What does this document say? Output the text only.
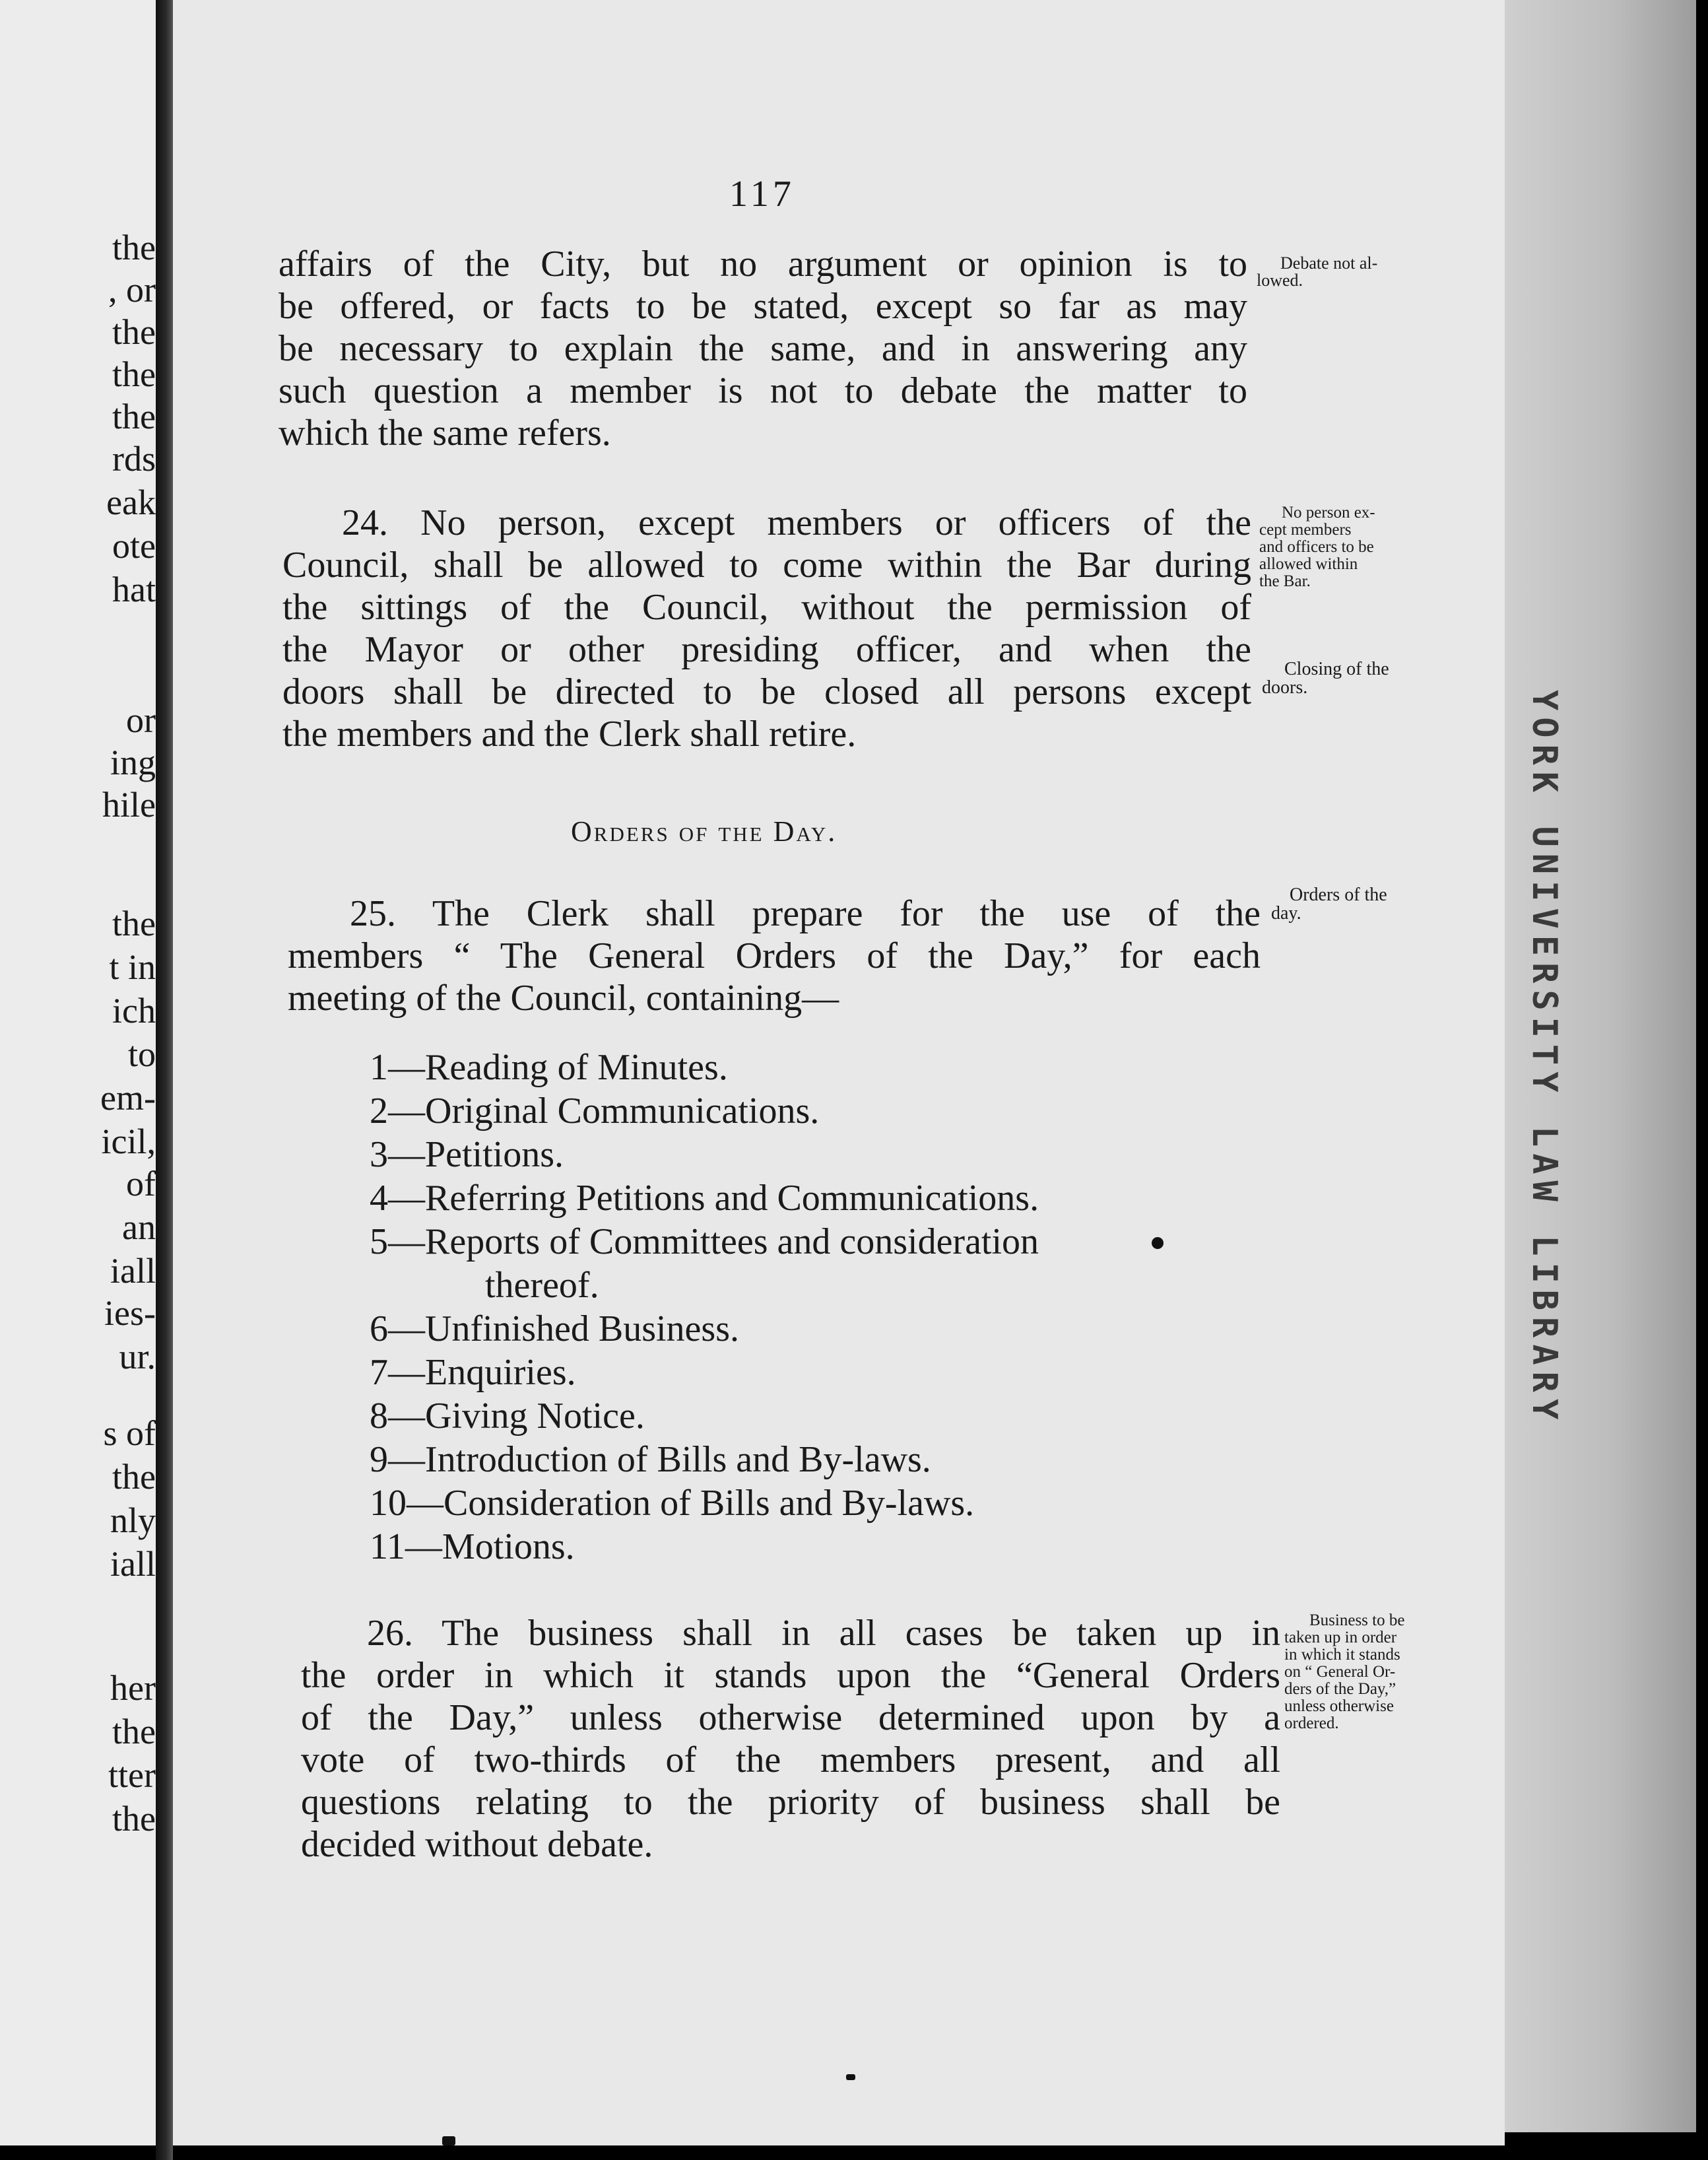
the
, or
the
the
the
rds
eak
ote
hat
or
ing
hile
the
t in
ich
to
em-
icil,
of
an
iall
ies-
ur.
s of
the
nly
iall
her
the
tter
the
117
affairs of the City, but no argument or opinion is to
be offered, or facts to be stated, except so far as may
be necessary to explain the same, and in answering any
such question a member is not to debate the matter to
which the same refers.
24. No person, except members or officers of the
Council, shall be allowed to come within the Bar during
the sittings of the Council, without the permission of
the Mayor or other presiding officer, and when the
doors shall be directed to be closed all persons except
the members and the Clerk shall retire.
Orders of the Day.
25. The Clerk shall prepare for the use of the
members “ The General Orders of the Day,” for each
meeting of the Council, containing—
1—Reading of Minutes.
2—Original Communications.
3—Petitions.
4—Referring Petitions and Communications.
5—Reports of Committees and consideration
thereof.
6—Unfinished Business.
7—Enquiries.
8—Giving Notice.
9—Introduction of Bills and By-laws.
10—Consideration of Bills and By-laws.
11—Motions.
26. The business shall in all cases be taken up in
the order in which it stands upon the “General Orders
of the Day,” unless otherwise determined upon by a
vote of two-thirds of the members present, and all
questions relating to the priority of business shall be
decided without debate.
Debate not al-
lowed.
No person ex-
cept members
and officers to be
allowed within
the Bar.
Closing of the
doors.
Orders of the
day.
Business to be
taken up in order
in which it stands
on “ General Or-
ders of the Day,”
unless otherwise
ordered.
YORK UNIVERSITY LAW LIBRARY
